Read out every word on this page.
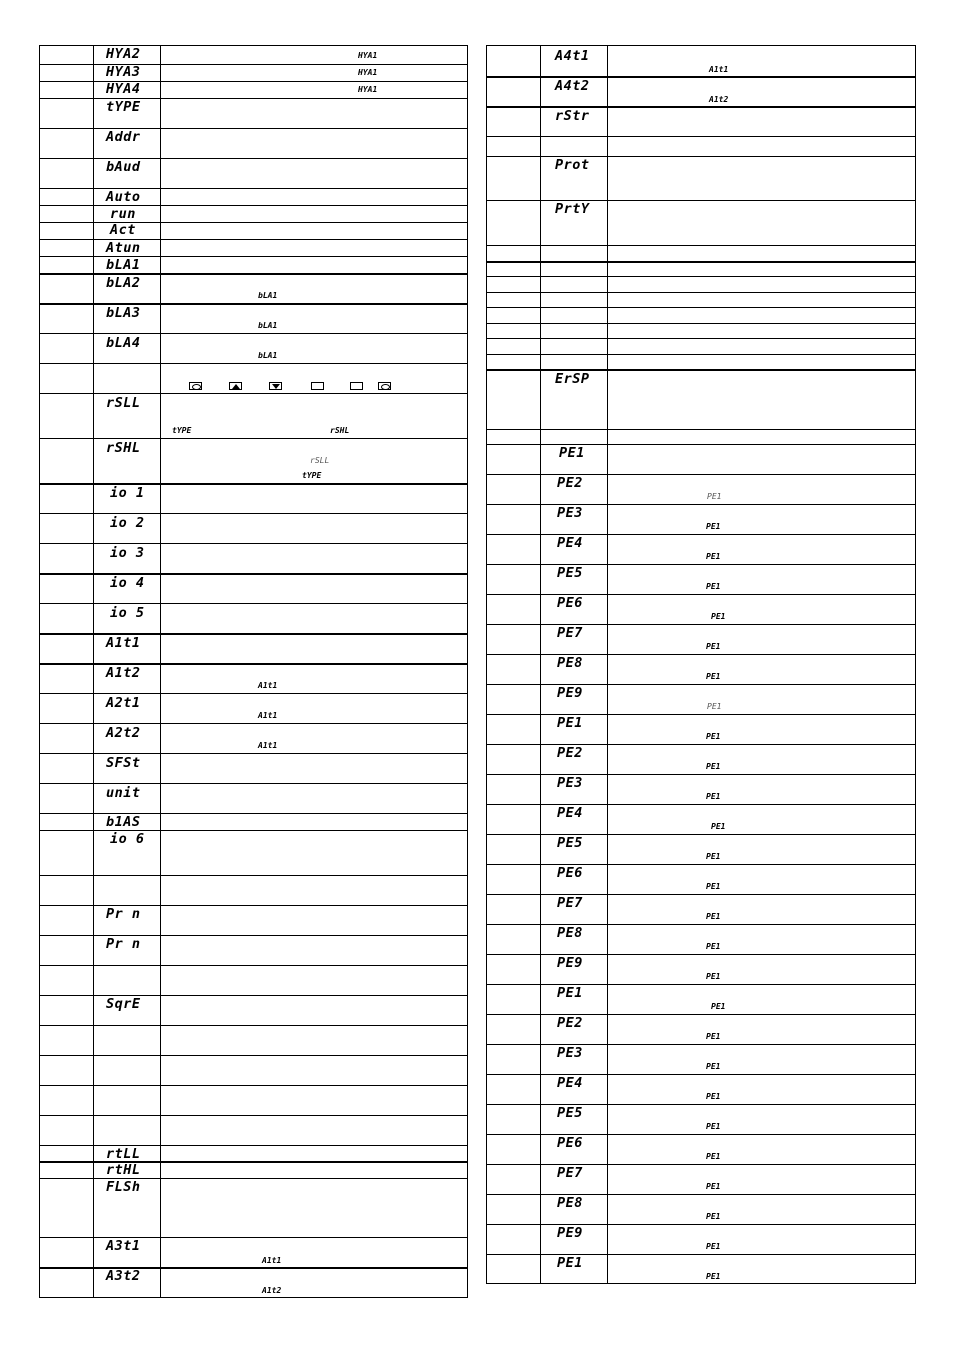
HYA2
HYA3
HYA4
tYPE
Addr
bAud
Auto
run
Act
Atun
bLA1
bLA2
bLA3
bLA4
rSLL
rSHL
io 1
io 2
io 3
io 4
io 5
A1t1
A1t2
A2t1
A2t2
SFSt
unit
b1AS
io 6
Pr n
Pr n
SqrE
rtLL
rtHL
FLSh
A3t1
A3t2
HYA1
HYA1
HYA1
bLA1
bLA1
bLA1
tYPE	rSHL
rSLL
tYPE
A1t1
A1t1
A1t1
A1t1
A1t2
A4t1
A4t2
rStr
Prot
PrtY
ErSP
PE1
PE2
PE3
PE4
PE5
PE6
PE7
PE8
PE9
PE1
PE2
PE3
PE4
PE5
PE6
PE7
PE8
PE9
PE1
PE2
PE3
PE4
PE5
PE6
PE7
PE8
PE9
PE1
A1t1
A1t2
PE1
PE1
PE1
PE1
PE1
PE1
PE1
PE1
PE1
PE1
PE1
PE1
PE1
PE1
PE1
PE1
PE1
PE1
PE1
PE1
PE1
PE1
PE1
PE1
PE1
PE1
PE1
